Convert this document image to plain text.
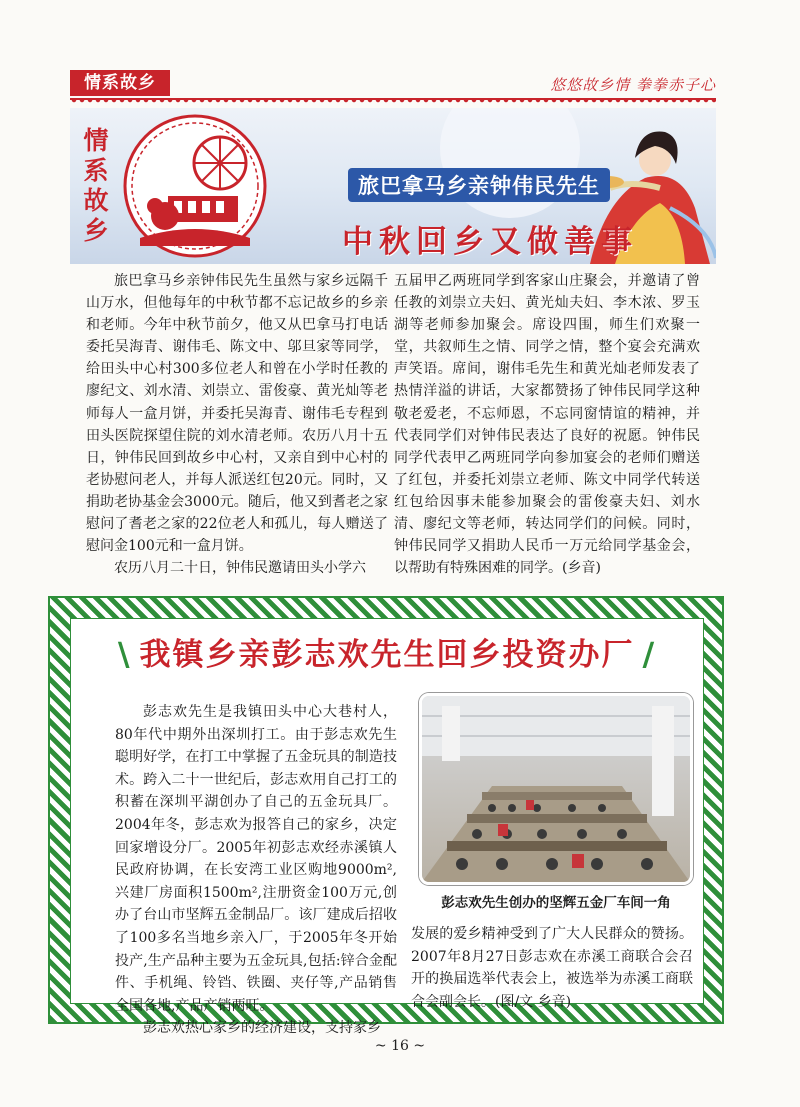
情系故乡	悠悠故乡情 拳拳赤子心
情系故乡
旅巴拿马乡亲钟伟民先生
中秋回乡又做善事

旅巴拿马乡亲钟伟民先生虽然与家乡远隔千山万水，但他每年的中秋节都不忘记故乡的乡亲和老师。今年中秋节前夕，他又从巴拿马打电话委托吴海青、谢伟毛、陈文中、邬旦家等同学，给田头中心村300多位老人和曾在小学时任教的廖纪文、刘水清、刘崇立、雷俊豪、黄光灿等老师每人一盒月饼，并委托吴海青、谢伟毛专程到田头医院探望住院的刘水清老师。农历八月十五日，钟伟民回到故乡中心村，又亲自到中心村的老协慰问老人，并每人派送红包20元。同时，又捐助老协基金会3000元。随后，他又到耆老之家慰问了耆老之家的22位老人和孤儿，每人赠送了慰问金100元和一盒月饼。

农历八月二十日，钟伟民邀请田头小学六

五届甲乙两班同学到客家山庄聚会，并邀请了曾任教的刘崇立夫妇、黄光灿夫妇、李木浓、罗玉湖等老师参加聚会。席设四围，师生们欢聚一堂，共叙师生之情、同学之情，整个宴会充满欢声笑语。席间，谢伟毛先生和黄光灿老师发表了热情洋溢的讲话，大家都赞扬了钟伟民同学这种敬老爱老，不忘师恩，不忘同窗情谊的精神，并代表同学们对钟伟民表达了良好的祝愿。钟伟民同学代表甲乙两班同学向参加宴会的老师们赠送了红包，并委托刘崇立老师、陈文中同学代转送红包给因事未能参加聚会的雷俊豪夫妇、刘水清、廖纪文等老师，转达同学们的问候。同时，钟伟民同学又捐助人民币一万元给同学基金会，以帮助有特殊困难的同学。(乡音)

\ 我镇乡亲彭志欢先生回乡投资办厂 /

彭志欢先生是我镇田头中心大巷村人，80年代中期外出深圳打工。由于彭志欢先生聪明好学，在打工中掌握了五金玩具的制造技术。跨入二十一世纪后，彭志欢用自己打工的积蓄在深圳平湖创办了自己的五金玩具厂。2004年冬，彭志欢为报答自己的家乡，决定回家增设分厂。2005年初彭志欢经赤溪镇人民政府协调，在长安湾工业区购地9000m²,兴建厂房面积1500m²,注册资金100万元,创办了台山市坚辉五金制品厂。该厂建成后招收了100多名当地乡亲入厂，于2005年冬开始投产,生产品种主要为五金玩具,包括:锌合金配件、手机绳、铃铛、铁圈、夹仔等,产品销售全国各地,产品产销两旺。

彭志欢热心家乡的经济建设，支持家乡

彭志欢先生创办的坚辉五金厂车间一角

发展的爱乡精神受到了广大人民群众的赞扬。2007年8月27日彭志欢在赤溪工商联合会召开的换届选举代表会上，被选举为赤溪工商联合会副会长。(图/文 乡音)

~ 16 ~
